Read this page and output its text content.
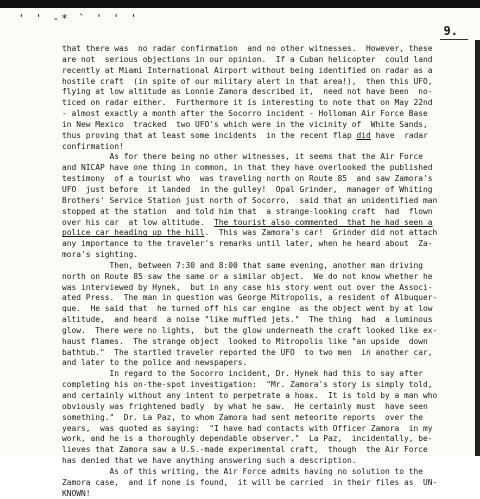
' ' -* ` ' ' '
9.
that there was  no radar confirmation  and no other witnesses.  However, these
are not  serious objections in our opinion.  If a Cuban helicopter  could land
recently at Miami International Airport without being identified on radar as a
hostile craft  (in spite of our military alert in that area!),  then this UFO,
flying at low altitude as Lonnie Zamora described it,  need not have been  no-
ticed on radar either.  Furthermore it is interesting to note that on May 22nd
- almost exactly a month after the Socorro incident - Holloman Air Force Base
in New Mexico  tracked  two UFO's which were in the vicinity of  White Sands,
thus proving that at least some incidents  in the recent flap did have  radar
confirmation!
As for there being no other witnesses, it seems that the Air Force
and NICAP have one thing in common, in that they have overlooked the published
testimony  of a tourist who  was traveling north on Route 85  and saw Zamora's
UFO  just before  it landed  in the gulley!  Opal Grinder,  manager of Whiting
Brothers' Service Station just north of Socorro,  said that an unidentified man
stopped at the station  and told him that  a strange-looking craft  had  flown
over his car  at low altitude.  The tourist also commented  that he had seen a
police car heading up the hill.  This was Zamora's car!  Grinder did not attach
any importance to the traveler's remarks until later, when he heard about  Za-
mora's sighting.
Then, between 7:30 and 8:00 that same evening, another man driving
north on Route 85 saw the same or a similar object.  We do not know whether he
was interviewed by Hynek,  but in any case his story went out over the Associ-
ated Press.  The man in question was George Mitropolis, a resident of Albuquer-
que.  He said that  he turned off his car engine  as the object went by at low
altitude,  and heard  a noise "like muffled jets."  The thing  had  a luminous
glow.  There were no lights,  but the glow underneath the craft looked like ex-
haust flames.  The strange object  looked to Mitropolis like "an upside  down
bathtub."  The startled traveler reported the UFO  to two men  in another car,
and later to the police and newspapers.
In regard to the Socorro incident, Dr. Hynek had this to say after
completing his on-the-spot investigation:  "Mr. Zamora's story is simply told,
and certainly without any intent to perpetrate a hoax.  It is told by a man who
obviously was frightened badly  by what he saw.  He certainly must  have seen
something."  Dr. La Paz, to whom Zamora had sent meteorite reports  over the
years,  was quoted as saying:  "I have had contacts with Officer Zamora  in my
work, and he is a thoroughly dependable observer."  La Paz,  incidentally, be-
lieves that Zamora saw a U.S.-made experimental craft,  though  the Air Force
has denied that we have anything answering such a description.
As of this writing, the Air Force admits having no solution to the
Zamora case,  and if none is found,  it will be carried  in their files as  UN-
KNOWN!
